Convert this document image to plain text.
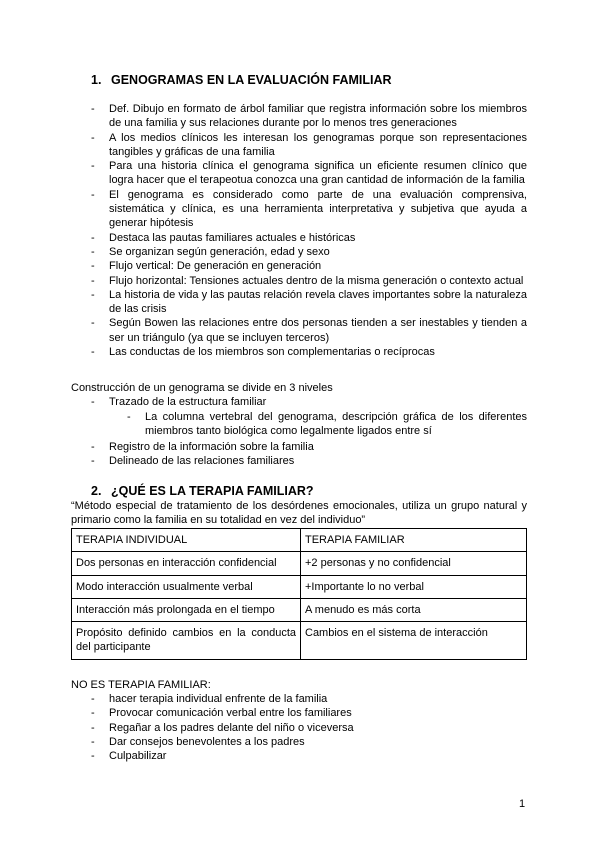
1. GENOGRAMAS EN LA EVALUACIÓN FAMILIAR
- Def. Dibujo en formato de árbol familiar que registra información sobre los miembros de una familia y sus relaciones durante por lo menos tres generaciones
- A los medios clínicos les interesan los genogramas porque son representaciones tangibles y gráficas de una familia
- Para una historia clínica el genograma significa un eficiente resumen clínico que logra hacer que el terapeotua conozca una gran cantidad de información de la familia
- El genograma es considerado como parte de una evaluación comprensiva, sistemática y clínica, es una herramienta interpretativa y subjetiva que ayuda a generar hipótesis
- Destaca las pautas familiares actuales e históricas
- Se organizan según generación, edad y sexo
- Flujo vertical: De generación en generación
- Flujo horizontal: Tensiones actuales dentro de la misma generación o contexto actual
- La historia de vida y las pautas relación revela claves importantes sobre la naturaleza de las crisis
- Según Bowen las relaciones entre dos personas tienden a ser inestables y tienden a ser un triángulo (ya que se incluyen terceros)
- Las conductas de los miembros son complementarias o recíprocas

Construcción de un genograma se divide en 3 niveles

- Trazado de la estructura familiar
- La columna vertebral del genograma, descripción gráfica de los diferentes miembros tanto biológica como legalmente ligados entre sí
- Registro de la información sobre la familia
- Delineado de las relaciones familiares
2. ¿QUÉ ES LA TERAPIA FAMILIAR?

“Método especial de tratamiento de los desórdenes emocionales, utiliza un grupo natural y primario como la familia en su totalidad en vez del individuo”

TERAPIA INDIVIDUAL	TERAPIA FAMILIAR
Dos personas en interacción confidencial	+2 personas y no confidencial
Modo interacción usualmente verbal	+Importante lo no verbal
Interacción más prolongada en el tiempo	A menudo es más corta
Propósito definido cambios en la conducta del participante	Cambios en el sistema de interacción

NO ES TERAPIA FAMILIAR:

- hacer terapia individual enfrente de la familia
- Provocar comunicación verbal entre los familiares
- Regañar a los padres delante del niño o viceversa
- Dar consejos benevolentes a los padres
- Culpabilizar
1
